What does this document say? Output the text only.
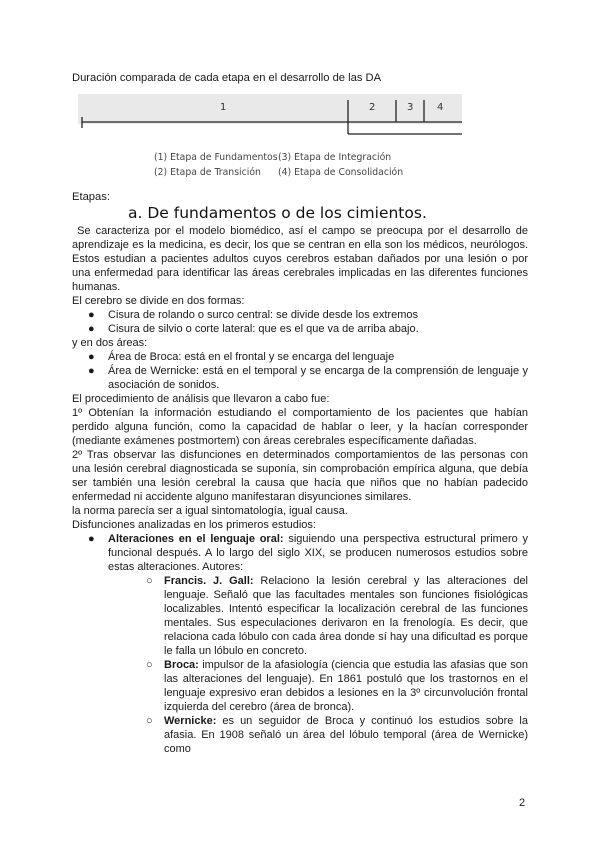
Duración comparada de cada etapa en el desarrollo de las DA
1	2	3 4
(1) Etapa de Fundamentos (3) Etapa de Integración
(2) Etapa de Transición (4) Etapa de Consolidación
Etapas:
a. De fundamentos o de los cimientos.

Se caracteriza por el modelo biomédico, así el campo se preocupa por el desarrollo de aprendizaje es la medicina, es decir, los que se centran en ella son los médicos, neurólogos. Estos estudian a pacientes adultos cuyos cerebros estaban dañados por una lesión o por una enfermedad para identificar las áreas cerebrales implicadas en las diferentes funciones humanas.

El cerebro se divide en dos formas:

● Cisura de rolando o surco central: se divide desde los extremos
● Cisura de silvio o corte lateral: que es el que va de arriba abajo.

y en dos áreas:

● Área de Broca: está en el frontal y se encarga del lenguaje
● Área de Wernicke: está en el temporal y se encarga de la comprensión de lenguaje y asociación de sonidos.

El procedimiento de análisis que llevaron a cabo fue:

1º Obtenían la información estudiando el comportamiento de los pacientes que habían perdido alguna función, como la capacidad de hablar o leer, y la hacían corresponder (mediante exámenes postmortem) con áreas cerebrales específicamente dañadas.

2º Tras observar las disfunciones en determinados comportamientos de las personas con una lesión cerebral diagnosticada se suponía, sin comprobación empírica alguna, que debía ser también una lesión cerebral la causa que hacía que niños que no habían padecido enfermedad ni accidente alguno manifestaran disyunciones similares.

la norma parecía ser a igual sintomatología, igual causa.

Disfunciones analizadas en los primeros estudios:

● Alteraciones en el lenguaje oral: siguiendo una perspectiva estructural primero y funcional después. A lo largo del siglo XIX, se producen numerosos estudios sobre estas alteraciones. Autores:
○ Francis. J. Gall: Relaciono la lesión cerebral y las alteraciones del lenguaje. Señaló que las facultades mentales son funciones fisiológicas localizables. Intentó especificar la localización cerebral de las funciones mentales. Sus especulaciones derivaron en la frenología. Es decir, que relaciona cada lóbulo con cada área donde sí hay una dificultad es porque le falla un lóbulo en concreto.
○ Broca: impulsor de la afasiología (ciencia que estudia las afasias que son las alteraciones del lenguaje). En 1861 postuló que los trastornos en el lenguaje expresivo eran debidos a lesiones en la 3º circunvolución frontal izquierda del cerebro (área de bronca).
○ Wernicke: es un seguidor de Broca y continuó los estudios sobre la afasia. En 1908 señaló un área del lóbulo temporal (área de Wernicke) como
2
